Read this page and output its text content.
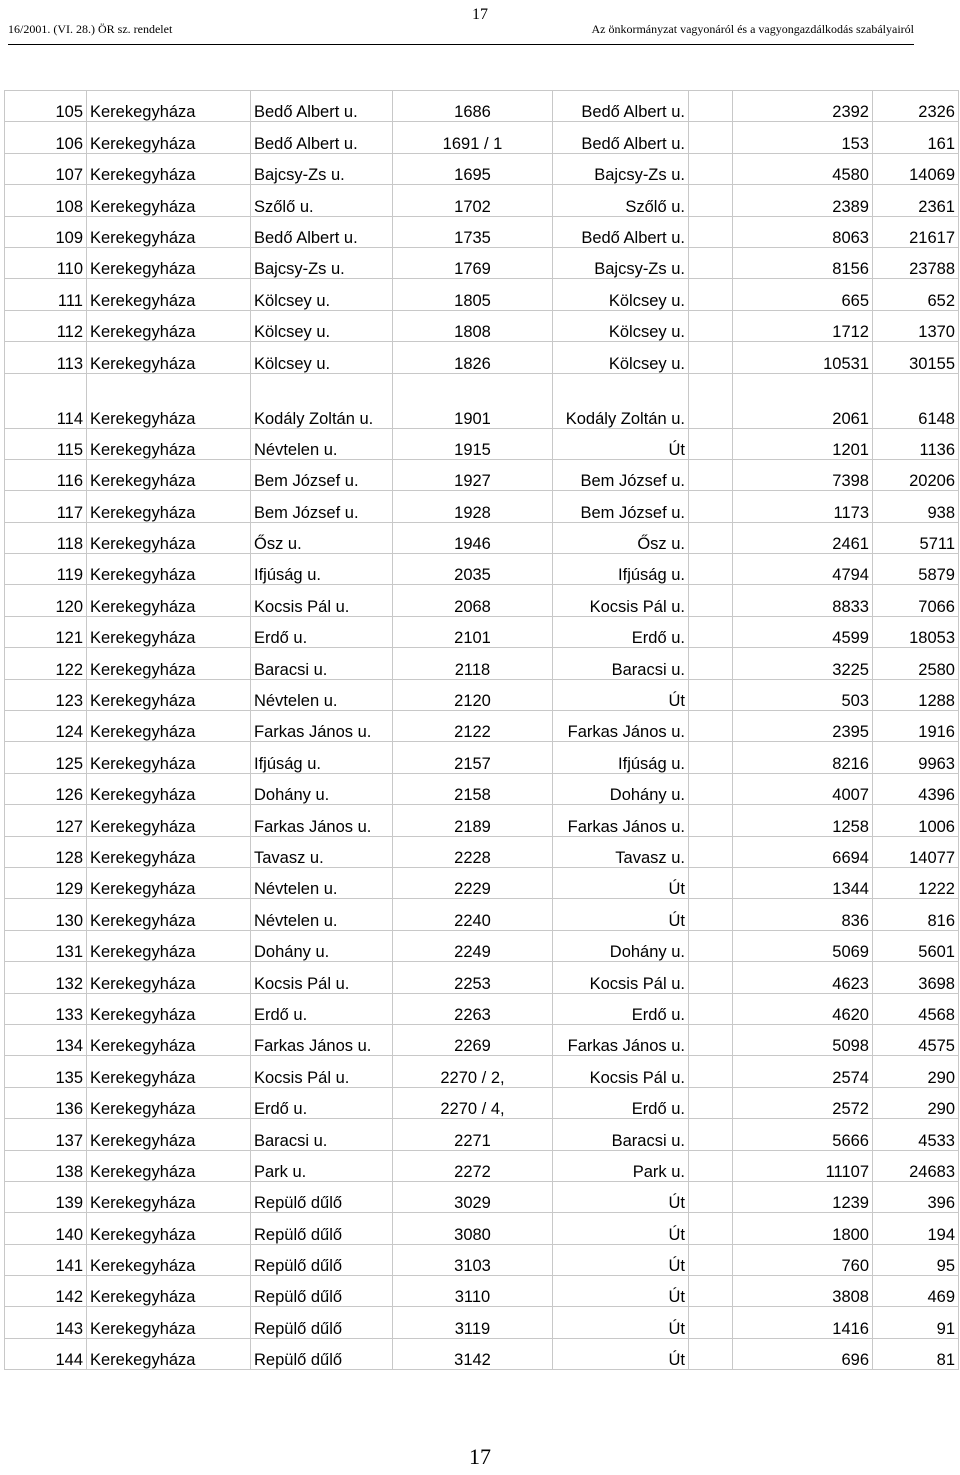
17
16/2001. (VI. 28.) ÖR sz. rendelet	Az önkormányzat vagyonáról és a vagyongazdálkodás szabályairól
105	Kerekegyháza	Bedő Albert u.	1686	Bedő Albert u.		2392	2326
106	Kerekegyháza	Bedő Albert u.	1691 / 1	Bedő Albert u.		153	161
107	Kerekegyháza	Bajcsy-Zs u.	1695	Bajcsy-Zs u.		4580	14069
108	Kerekegyháza	Szőlő u.	1702	Szőlő u.		2389	2361
109	Kerekegyháza	Bedő Albert u.	1735	Bedő Albert u.		8063	21617
110	Kerekegyháza	Bajcsy-Zs u.	1769	Bajcsy-Zs u.		8156	23788
111	Kerekegyháza	Kölcsey u.	1805	Kölcsey u.		665	652
112	Kerekegyháza	Kölcsey u.	1808	Kölcsey u.		1712	1370
113	Kerekegyháza	Kölcsey u.	1826	Kölcsey u.		10531	30155
114	Kerekegyháza	Kodály Zoltán u.	1901	Kodály Zoltán u.		2061	6148
115	Kerekegyháza	Névtelen u.	1915	Út		1201	1136
116	Kerekegyháza	Bem József u.	1927	Bem József u.		7398	20206
117	Kerekegyháza	Bem József u.	1928	Bem József u.		1173	938
118	Kerekegyháza	Ősz u.	1946	Ősz u.		2461	5711
119	Kerekegyháza	Ifjúság u.	2035	Ifjúság u.		4794	5879
120	Kerekegyháza	Kocsis Pál u.	2068	Kocsis Pál u.		8833	7066
121	Kerekegyháza	Erdő u.	2101	Erdő u.		4599	18053
122	Kerekegyháza	Baracsi u.	2118	Baracsi u.		3225	2580
123	Kerekegyháza	Névtelen u.	2120	Út		503	1288
124	Kerekegyháza	Farkas János u.	2122	Farkas János u.		2395	1916
125	Kerekegyháza	Ifjúság u.	2157	Ifjúság u.		8216	9963
126	Kerekegyháza	Dohány u.	2158	Dohány u.		4007	4396
127	Kerekegyháza	Farkas János u.	2189	Farkas János u.		1258	1006
128	Kerekegyháza	Tavasz u.	2228	Tavasz u.		6694	14077
129	Kerekegyháza	Névtelen u.	2229	Út		1344	1222
130	Kerekegyháza	Névtelen u.	2240	Út		836	816
131	Kerekegyháza	Dohány u.	2249	Dohány u.		5069	5601
132	Kerekegyháza	Kocsis Pál u.	2253	Kocsis Pál u.		4623	3698
133	Kerekegyháza	Erdő u.	2263	Erdő u.		4620	4568
134	Kerekegyháza	Farkas János u.	2269	Farkas János u.		5098	4575
135	Kerekegyháza	Kocsis Pál u.	2270 / 2,	Kocsis Pál u.		2574	290
136	Kerekegyháza	Erdő u.	2270 / 4,	Erdő u.		2572	290
137	Kerekegyháza	Baracsi u.	2271	Baracsi u.		5666	4533
138	Kerekegyháza	Park u.	2272	Park u.		11107	24683
139	Kerekegyháza	Repülő dűlő	3029	Út		1239	396
140	Kerekegyháza	Repülő dűlő	3080	Út		1800	194
141	Kerekegyháza	Repülő dűlő	3103	Út		760	95
142	Kerekegyháza	Repülő dűlő	3110	Út		3808	469
143	Kerekegyháza	Repülő dűlő	3119	Út		1416	91
144	Kerekegyháza	Repülő dűlő	3142	Út		696	81
17
